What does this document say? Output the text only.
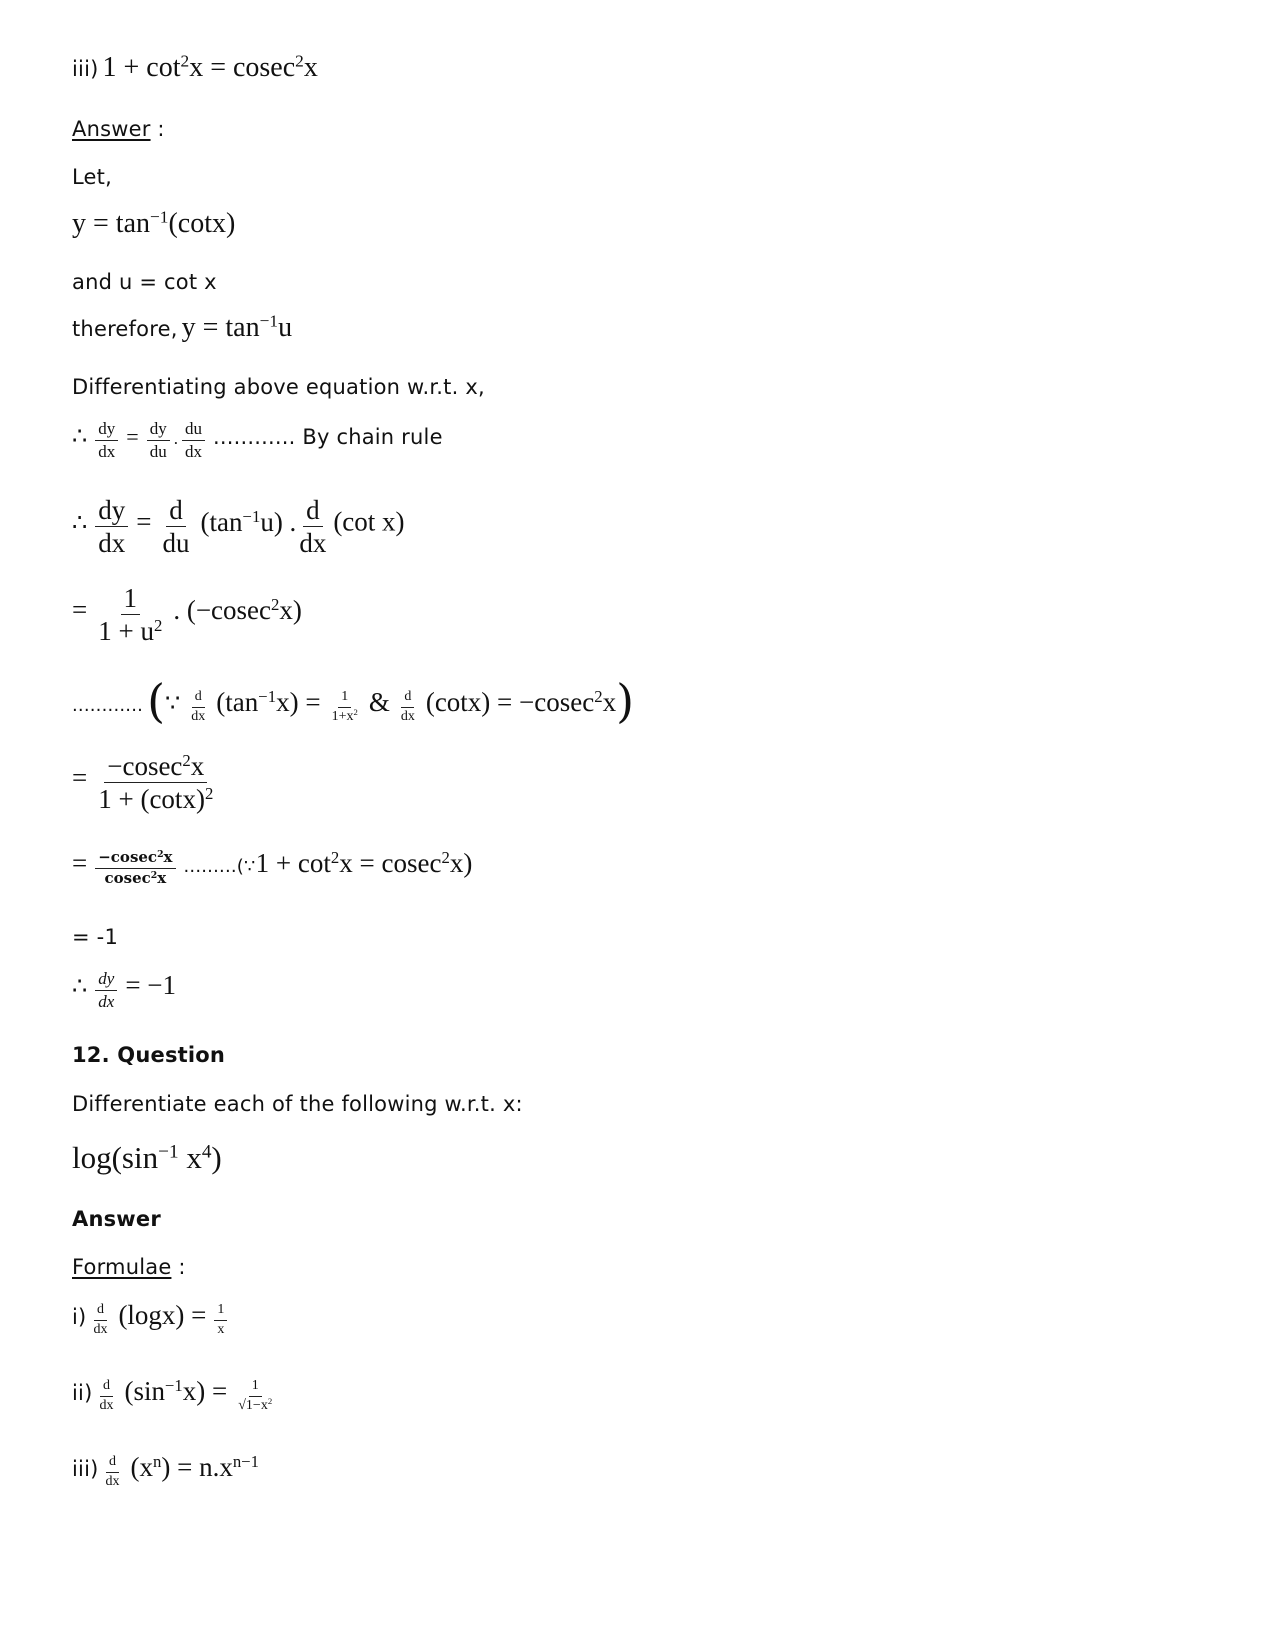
iii) $1 + \cot^2x = cosec^2x$
Answer :
Let,
$y = \tan^{-1}(\cot x)$
and u = cot x
therefore, $y = \tan^{-1}u$
Differentiating above equation w.r.t. x,
∴ $\frac{dy}{dx} = \frac{dy}{du}$ . $\frac{du}{dx}$ ............ By chain rule
∴ $\frac{dy}{dx} = \frac{d}{du} (\tan^{-1}u)$ . $\frac{d}{dx} (\cot$ x)
= $\frac{1}{1 + u^2}$ . (−cosec$^2$x)
............ (∵ $\frac{d}{dx} (\tan^{-1}x) = \frac{1}{1+x^2}$ & $\frac{d}{dx} (\cot x) = -cosec^2x$)
= $\frac{-cosec^2x}{1 + (\cot x)^2}$
= $\frac{-cosec^2x}{cosec^2x}$ .........(∵1 + $\cot^2x = cosec^2x$)
= -1
∴ $\frac{dy}{dx} = -1$
12. Question
Differentiate each of the following w.r.t. x:
$\log(\sin^{-1}$ $x^4$)
Answer
Formulae :
$i) \frac{d}{dx} (\log x) = \frac{1}{x}$
$ii) \frac{d}{dx} (\sin^{-1}x) = \frac{1}{√1-x^2}$
$iii) \frac{d}{dx} (x^n) = n.x^{n-1}$
